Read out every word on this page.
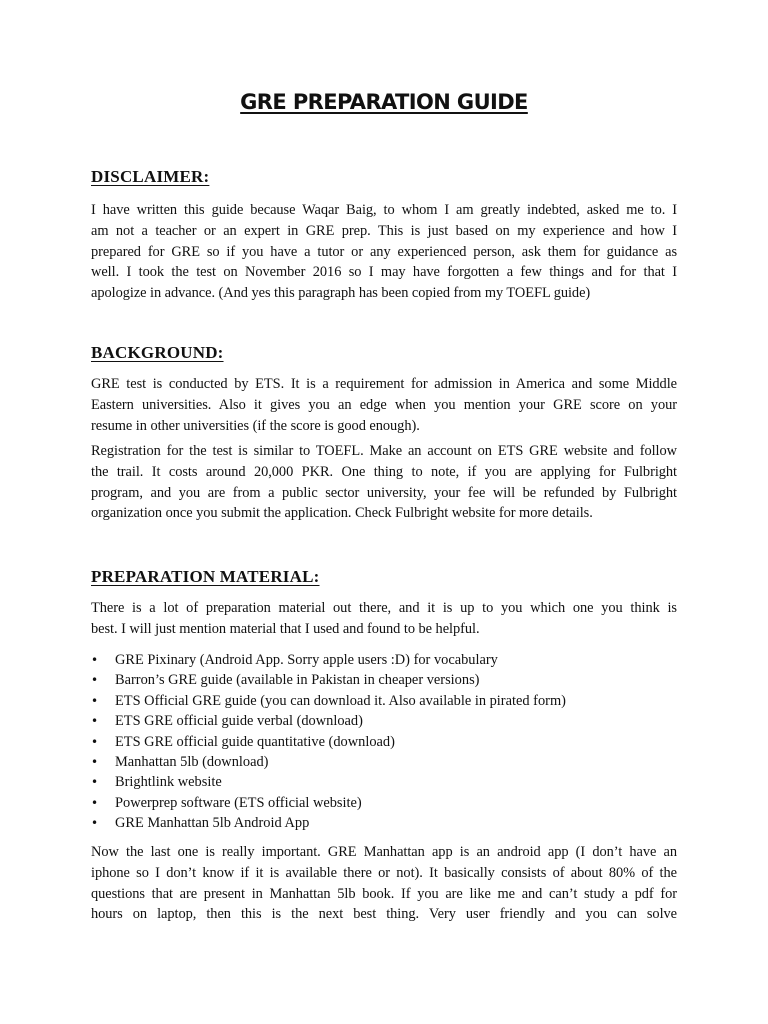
GRE PREPARATION GUIDE
DISCLAIMER:
I have written this guide because Waqar Baig, to whom I am greatly indebted, asked me to. I
am not a teacher or an expert in GRE prep. This is just based on my experience and how I
prepared for GRE so if you have a tutor or any experienced person, ask them for guidance as
well. I took the test on November 2016 so I may have forgotten a few things and for that I
apologize in advance. (And yes this paragraph has been copied from my TOEFL guide)
BACKGROUND:
GRE test is conducted by ETS. It is a requirement for admission in America and some Middle
Eastern universities. Also it gives you an edge when you mention your GRE score on your
resume in other universities (if the score is good enough).
Registration for the test is similar to TOEFL. Make an account on ETS GRE website and follow
the trail. It costs around 20,000 PKR. One thing to note, if you are applying for Fulbright
program, and you are from a public sector university, your fee will be refunded by Fulbright
organization once you submit the application. Check Fulbright website for more details.
PREPARATION MATERIAL:
There is a lot of preparation material out there, and it is up to you which one you think is
best. I will just mention material that I used and found to be helpful.
• GRE Pixinary (Android App. Sorry apple users :D) for vocabulary
• Barron’s GRE guide (available in Pakistan in cheaper versions)
• ETS Official GRE guide (you can download it. Also available in pirated form)
• ETS GRE official guide verbal (download)
• ETS GRE official guide quantitative (download)
• Manhattan 5lb (download)
• Brightlink website
• Powerprep software (ETS official website)
• GRE Manhattan 5lb Android App
Now the last one is really important. GRE Manhattan app is an android app (I don’t have an
iphone so I don’t know if it is available there or not). It basically consists of about 80% of the
questions that are present in Manhattan 5lb book. If you are like me and can’t study a pdf for
hours on laptop, then this is the next best thing. Very user friendly and you can solve
